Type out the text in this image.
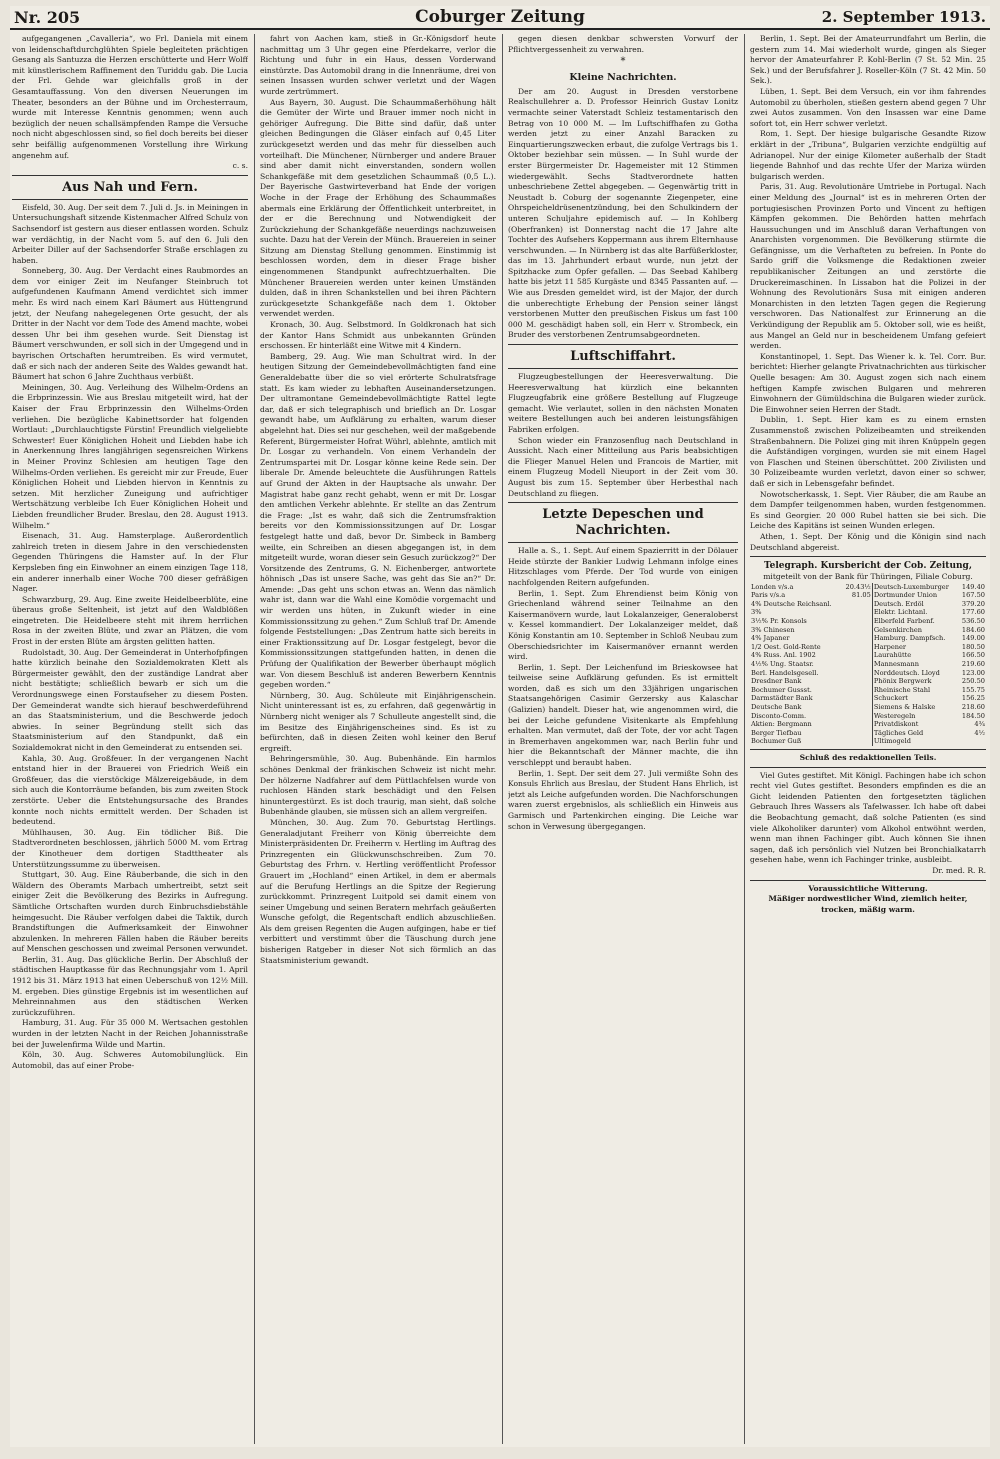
Nr. 205	Coburger Zeitung	2. September 1913.

aufgegangenen „Cavalleria“, wo Frl. Daniela mit einem von leidenschaftdurchglühten Spiele begleiteten prächtigen Gesang als Santuzza die Herzen erschütterte und Herr Wolff mit künstlerischem Raffinement den Turiddu gab. Die Lucia der Frl. Gehde war gleichfalls groß in der Gesamtauffassung. Von den diversen Neuerungen im Theater, besonders an der Bühne und im Orchesterraum, wurde mit Interesse Kenntnis genommen; wenn auch bezüglich der neuen schallsämpfenden Rampe die Versuche noch nicht abgeschlossen sind, so fiel doch bereits bei dieser sehr beifällig aufgenommenen Vorstellung ihre Wirkung angenehm auf.

c. s.

Aus Nah und Fern.

Eisfeld, 30. Aug. Der seit dem 7. Juli d. Js. in Meiningen in Untersuchungshaft sitzende Kistenmacher Alfred Schulz von Sachsendorf ist gestern aus dieser entlassen worden. Schulz war verdächtig, in der Nacht vom 5. auf den 6. Juli den Arbeiter Diller auf der Sachsendorfer Straße erschlagen zu haben.

Sonneberg, 30. Aug. Der Verdacht eines Raubmordes an dem vor einiger Zeit im Neufanger Steinbruch tot aufgefundenen Kaufmann Amend verdichtet sich immer mehr. Es wird nach einem Karl Bäumert aus Hüttengrund jetzt, der Neufang nahegelegenen Orte gesucht, der als Dritter in der Nacht vor dem Tode des Amend machte, wobei dessen Uhr bei ihm gesehen wurde. Seit Dienstag ist Bäumert verschwunden, er soll sich in der Umgegend und in bayrischen Ortschaften herumtreiben. Es wird vermutet, daß er sich nach der anderen Seite des Waldes gewandt hat. Bäumert hat schon 6 Jahre Zuchthaus verbüßt.

Meiningen, 30. Aug. Verleihung des Wilhelm-Ordens an die Erbprinzessin. Wie aus Breslau mitgeteilt wird, hat der Kaiser der Frau Erbprinzessin den Wilhelms-Orden verliehen. Die bezügliche Kabinettsorder hat folgenden Wortlaut: „Durchlauchtigste Fürstin! Freundlich vielgeliebte Schwester! Euer Königlichen Hoheit und Liebden habe ich in Anerkennung Ihres langjährigen segensreichen Wirkens in Meiner Provinz Schlesien am heutigen Tage den Wilhelms-Orden verliehen. Es gereicht mir zur Freude, Euer Königlichen Hoheit und Liebden hiervon in Kenntnis zu setzen. Mit herzlicher Zuneigung und aufrichtiger Wertschätzung verbleibe Ich Euer Königlichen Hoheit und Liebden freundlicher Bruder. Breslau, den 28. August 1913. Wilhelm.“

Eisenach, 31. Aug. Hamsterplage. Außerordentlich zahlreich treten in diesem Jahre in den verschiedensten Gegenden Thüringens die Hamster auf. In der Flur Kerpsleben fing ein Einwohner an einem einzigen Tage 118, ein anderer innerhalb einer Woche 700 dieser gefräßigen Nager.

Schwarzburg, 29. Aug. Eine zweite Heidelbeerblüte, eine überaus große Seltenheit, ist jetzt auf den Waldblößen eingetreten. Die Heidelbeere steht mit ihrem herrlichen Rosa in der zweiten Blüte, und zwar an Plätzen, die vom Frost in der ersten Blüte am ärgsten gelitten hatten.

Rudolstadt, 30. Aug. Der Gemeinderat in Unterhofpfingen hatte kürzlich beinahe den Sozialdemokraten Klett als Bürgermeister gewählt, den der zuständige Landrat aber nicht bestätigte; schließlich bewarb er sich um die Verordnungswege einen Forstaufseher zu diesem Posten. Der Gemeinderat wandte sich hierauf beschwerdeführend an das Staatsministerium, und die Beschwerde jedoch abwies. In seiner Begründung stellt sich das Staatsministerium auf den Standpunkt, daß ein Sozialdemokrat nicht in den Gemeinderat zu entsenden sei.

Kahla, 30. Aug. Großfeuer. In der vergangenen Nacht entstand hier in der Brauerei von Friedrich Weiß ein Großfeuer, das die vierstöckige Mälzereigebäude, in dem sich auch die Kontorräume befanden, bis zum zweiten Stock zerstörte. Ueber die Entstehungsursache des Brandes konnte noch nichts ermittelt werden. Der Schaden ist bedeutend.

Mühlhausen, 30. Aug. Ein tödlicher Biß. Die Stadtverordneten beschlossen, jährlich 5000 M. vom Ertrag der Kinotheuer dem dortigen Stadttheater als Unterstützungssumme zu überweisen.

Stuttgart, 30. Aug. Eine Räuberbande, die sich in den Wäldern des Oberamts Marbach umhertreibt, setzt seit einiger Zeit die Bevölkerung des Bezirks in Aufregung. Sämtliche Ortschaften wurden durch Einbruchsdiebstähle heimgesucht. Die Räuber verfolgen dabei die Taktik, durch Brandstiftungen die Aufmerksamkeit der Einwohner abzulenken. In mehreren Fällen haben die Räuber bereits auf Menschen geschossen und zweimal Personen verwundet.

Berlin, 31. Aug. Das glückliche Berlin. Der Abschluß der städtischen Hauptkasse für das Rechnungsjahr vom 1. April 1912 bis 31. März 1913 hat einen Ueberschuß von 12½ Mill. M. ergeben. Dies günstige Ergebnis ist im wesentlichen auf Mehreinnahmen aus den städtischen Werken zurückzuführen.

Hamburg, 31. Aug. Für 35 000 M. Wertsachen gestohlen wurden in der letzten Nacht in der Reichen Johannisstraße bei der Juwelenfirma Wilde und Martin.

Köln, 30. Aug. Schweres Automobilunglück. Ein Automobil, das auf einer Probe-

fahrt von Aachen kam, stieß in Gr.-Königsdorf heute nachmittag um 3 Uhr gegen eine Pferdekarre, verlor die Richtung und fuhr in ein Haus, dessen Vorderwand einstürzte. Das Automobil drang in die Innenräume, drei von seinen Insassen wurden schwer verletzt und der Wagen wurde zertrümmert.

Aus Bayern, 30. August. Die Schaummaßerhöhung hält die Gemüter der Wirte und Brauer immer noch nicht in gehöriger Aufregung. Die Bitte sind dafür, daß unter gleichen Bedingungen die Gläser einfach auf 0,45 Liter zurückgesetzt werden und das mehr für diesselben auch vorteilhaft. Die Münchener, Nürnberger und andere Brauer sind aber damit nicht einverstanden, sondern wollen Schankgefäße mit dem gesetzlichen Schaummaß (0,5 L.). Der Bayerische Gastwirteverband hat Ende der vorigen Woche in der Frage der Erhöhung des Schaummaßes abermals eine Erklärung der Öffentlichkeit unterbreitet, in der er die Berechnung und Notwendigkeit der Zurückziehung der Schankgefäße neuerdings nachzuweisen suchte. Dazu hat der Verein der Münch. Brauereien in seiner Sitzung am Dienstag Stellung genommen. Einstimmig ist beschlossen worden, dem in dieser Frage bisher eingenommenen Standpunkt aufrechtzuerhalten. Die Münchener Brauereien werden unter keinen Umständen dulden, daß in ihren Schankstellen und bei ihren Pächtern zurückgesetzte Schankgefäße nach dem 1. Oktober verwendet werden.

Kronach, 30. Aug. Selbstmord. In Goldkronach hat sich der Kantor Hans Schmidt aus unbekannten Gründen erschossen. Er hinterläßt eine Witwe mit 4 Kindern.

Bamberg, 29. Aug. Wie man Schultrat wird. In der heutigen Sitzung der Gemeindebevollmächtigten fand eine Generaldebatte über die so viel erörterte Schulratsfrage statt. Es kam wieder zu lebhaften Auseinandersetzungen. Der ultramontane Gemeindebevollmächtigte Rattel legte dar, daß er sich telegraphisch und brieflich an Dr. Losgar gewandt habe, um Aufklärung zu erhalten, warum dieser abgelehnt hat. Dies sei nur geschehen, weil der maßgebende Referent, Bürgermeister Hofrat Wührl, ablehnte, amtlich mit Dr. Losgar zu verhandeln. Von einem Verhandeln der Zentrumspartei mit Dr. Losgar könne keine Rede sein. Der liberale Dr. Amende beleuchtete die Ausführungen Rattels auf Grund der Akten in der Hauptsache als unwahr. Der Magistrat habe ganz recht gehabt, wenn er mit Dr. Losgar den amtlichen Verkehr ablehnte. Er stellte an das Zentrum die Frage: „Ist es wahr, daß sich die Zentrumsfraktion bereits vor den Kommissionssitzungen auf Dr. Losgar festgelegt hatte und daß, bevor Dr. Simbeck in Bamberg weilte, ein Schreiben an diesen abgegangen ist, in dem mitgeteilt wurde, woran dieser sein Gesuch zurückzog?“ Der Vorsitzende des Zentrums, G. N. Eichenberger, antwortete höhnisch „Das ist unsere Sache, was geht das Sie an?“ Dr. Amende: „Das geht uns schon etwas an. Wenn das nämlich wahr ist, dann war die Wahl eine Komödie vorgemacht und wir werden uns hüten, in Zukunft wieder in eine Kommissionssitzung zu gehen.“ Zum Schluß traf Dr. Amende folgende Feststellungen: „Das Zentrum hatte sich bereits in einer Fraktionssitzung auf Dr. Losgar festgelegt, bevor die Kommissionssitzungen stattgefunden hatten, in denen die Prüfung der Qualifikation der Bewerber überhaupt möglich war. Von diesem Beschluß ist anderen Bewerbern Kenntnis gegeben worden.“

Nürnberg, 30. Aug. Schüleute mit Einjährigenschein. Nicht uninteressant ist es, zu erfahren, daß gegenwärtig in Nürnberg nicht weniger als 7 Schulleute angestellt sind, die im Besitze des Einjährigenscheines sind. Es ist zu befürchten, daß in diesen Zeiten wohl keiner den Beruf ergreift.

Behringersmühle, 30. Aug. Bubenhände. Ein harmlos schönes Denkmal der fränkischen Schweiz ist nicht mehr. Der hölzerne Nadfahrer auf dem Püttlachfelsen wurde von ruchlosen Händen stark beschädigt und den Felsen hinuntergestürzt. Es ist doch traurig, man sieht, daß solche Bubenhände glauben, sie müssen sich an allem vergreifen.

München, 30. Aug. Zum 70. Geburtstag Hertlings. Generaladjutant Freiherr von König überreichte dem Ministerpräsidenten Dr. Freiherrn v. Hertling im Auftrag des Prinzregenten ein Glückwunschschreiben. Zum 70. Geburtstag des Frhrn. v. Hertling veröffentlicht Professor Grauert im „Hochland“ einen Artikel, in dem er abermals auf die Berufung Hertlings an die Spitze der Regierung zurückkommt. Prinzregent Luitpold sei damit einem von seiner Umgebung und seinen Beratern mehrfach geäußerten Wunsche gefolgt, die Regentschaft endlich abzuschließen. Als dem greisen Regenten die Augen aufgingen, habe er tief verbittert und verstimmt über die Täuschung durch jene bisherigen Ratgeber in dieser Not sich förmlich an das Staatsministerium gewandt.

gegen diesen denkbar schwersten Vorwurf der Pflichtvergessenheit zu verwahren.

*
Kleine Nachrichten.

Der am 20. August in Dresden verstorbene Realschullehrer a. D. Professor Heinrich Gustav Lonitz vermachte seiner Vaterstadt Schleiz testamentarisch den Betrag von 10 000 M. — Im Luftschiffhafen zu Gotha werden jetzt zu einer Anzahl Baracken zu Einquartierungszwecken erbaut, die zufolge Vertrags bis 1. Oktober beziehbar sein müssen. — In Suhl wurde der erster Bürgermeister Dr. Hagemeister mit 12 Stimmen wiedergewählt. Sechs Stadtverordnete hatten unbeschriebene Zettel abgegeben. — Gegenwärtig tritt in Neustadt b. Coburg der sogenannte Ziegenpeter, eine Ohrspeicheldrüsenentzündung, bei den Schulkindern der unteren Schuljahre epidemisch auf. — In Kohlberg (Oberfranken) ist Donnerstag nacht die 17 Jahre alte Tochter des Aufsehers Koppermann aus ihrem Elternhause verschwunden. — In Nürnberg ist das alte Barfüßerkloster, das im 13. Jahrhundert erbaut wurde, nun jetzt der Spitzhacke zum Opfer gefallen. — Das Seebad Kahlberg hatte bis jetzt 11 585 Kurgäste und 8345 Passanten auf. — Wie aus Dresden gemeldet wird, ist der Major, der durch die unberechtigte Erhebung der Pension seiner längst verstorbenen Mutter den preußischen Fiskus um fast 100 000 M. geschädigt haben soll, ein Herr v. Strombeck, ein Bruder des verstorbenen Zentrumsabgeordneten.

Luftschiffahrt.

Flugzeugbestellungen der Heeresverwaltung. Die Heeresverwaltung hat kürzlich eine bekannten Flugzeugfabrik eine größere Bestellung auf Flugzeuge gemacht. Wie verlautet, sollen in den nächsten Monaten weitere Bestellungen auch bei anderen leistungsfähigen Fabriken erfolgen.

Schon wieder ein Franzosenflug nach Deutschland in Aussicht. Nach einer Mitteilung aus Paris beabsichtigen die Flieger Manuel Helen und Francois de Martier, mit einem Flugzeug Modell Nieuport in der Zeit vom 30. August bis zum 15. September über Herbesthal nach Deutschland zu fliegen.

Letzte Depeschen und Nachrichten.

Halle a. S., 1. Sept. Auf einem Spazierritt in der Dölauer Heide stürzte der Bankier Ludwig Lehmann infolge eines Hitzschlages vom Pferde. Der Tod wurde von einigen nachfolgenden Reitern aufgefunden.

Berlin, 1. Sept. Zum Ehrendienst beim König von Griechenland während seiner Teilnahme an den Kaisermanövern wurde, laut Lokalanzeiger, Generaloberst v. Kessel kommandiert. Der Lokalanzeiger meldet, daß König Konstantin am 10. September in Schloß Neubau zum Oberschiedsrichter im Kaisermanöver ernannt werden wird.

Berlin, 1. Sept. Der Leichenfund im Brieskowsee hat teilweise seine Aufklärung gefunden. Es ist ermittelt worden, daß es sich um den 33jährigen ungarischen Staatsangehörigen Casimir Gerzersky aus Kalaschar (Galizien) handelt. Dieser hat, wie angenommen wird, die bei der Leiche gefundene Visitenkarte als Empfehlung erhalten. Man vermutet, daß der Tote, der vor acht Tagen in Bremerhaven angekommen war, nach Berlin fuhr und hier die Bekanntschaft der Männer machte, die ihn verschleppt und beraubt haben.

Berlin, 1. Sept. Der seit dem 27. Juli vermißte Sohn des Konsuls Ehrlich aus Breslau, der Student Hans Ehrlich, ist jetzt als Leiche aufgefunden worden. Die Nachforschungen waren zuerst ergebnislos, als schließlich ein Hinweis aus Garmisch und Partenkirchen einging. Die Leiche war schon in Verwesung übergegangen.

Berlin, 1. Sept. Bei der Amateurrundfahrt um Berlin, die gestern zum 14. Mai wiederholt wurde, gingen als Sieger hervor der Amateurfahrer P. Kohl-Berlin (7 St. 52 Min. 25 Sek.) und der Berufsfahrer J. Roseller-Köln (7 St. 42 Min. 50 Sek.).

Lüben, 1. Sept. Bei dem Versuch, ein vor ihm fahrendes Automobil zu überholen, stießen gestern abend gegen 7 Uhr zwei Autos zusammen. Von den Insassen war eine Dame sofort tot, ein Herr schwer verletzt.

Rom, 1. Sept. Der hiesige bulgarische Gesandte Rizow erklärt in der „Tribuna“, Bulgarien verzichte endgültig auf Adrianopel. Nur der einige Kilometer außerhalb der Stadt liegende Bahnhof und das rechte Ufer der Mariza würden bulgarisch werden.

Paris, 31. Aug. Revolutionäre Umtriebe in Portugal. Nach einer Meldung des „Journal“ ist es in mehreren Orten der portugiesischen Provinzen Porto und Vincent zu heftigen Kämpfen gekommen. Die Behörden hatten mehrfach Haussuchungen und im Anschluß daran Verhaftungen von Anarchisten vorgenommen. Die Bevölkerung stürmte die Gefängnisse, um die Verhafteten zu befreien. In Ponte do Sardo griff die Volksmenge die Redaktionen zweier republikanischer Zeitungen an und zerstörte die Druckereimaschinen. In Lissabon hat die Polizei in der Wohnung des Revolutionärs Susa mit einigen anderen Monarchisten in den letzten Tagen gegen die Regierung verschworen. Das Nationalfest zur Erinnerung an die Verkündigung der Republik am 5. Oktober soll, wie es heißt, aus Mangel an Geld nur in bescheidenem Umfang gefeiert werden.

Konstantinopel, 1. Sept. Das Wiener k. k. Tel. Corr. Bur. berichtet: Hierher gelangte Privatnachrichten aus türkischer Quelle besagen: Am 30. August zogen sich nach einem heftigen Kampfe zwischen Bulgaren und mehreren Einwohnern der Gümüldschina die Bulgaren wieder zurück. Die Einwohner seien Herren der Stadt.

Dublin, 1. Sept. Hier kam es zu einem ernsten Zusammenstoß zwischen Polizeibeamten und streikenden Straßenbahnern. Die Polizei ging mit ihren Knüppeln gegen die Aufständigen vorgingen, wurden sie mit einem Hagel von Flaschen und Steinen überschüttet. 200 Zivilisten und 30 Polizeibeamte wurden verletzt, davon einer so schwer, daß er sich in Lebensgefahr befindet.

Nowotscherkassk, 1. Sept. Vier Räuber, die am Raube an dem Dampfer teilgenommen haben, wurden festgenommen. Es sind Georgier. 20 000 Rubel hatten sie bei sich. Die Leiche des Kapitäns ist seinen Wunden erlegen.

Athen, 1. Sept. Der König und die Königin sind nach Deutschland abgereist.

Telegraph. Kursbericht der Cob. Zeitung,
mitgeteilt von der Bank für Thüringen, Filiale Coburg.
Londen v/s.a	20.43½	Deutsch-Luxemburger	149.40
Paris v/s.a	81.05	Dortmunder Union	167.50
4% Deutsche Reichsanl.		Deutsch. Erdöl	379.20
3%		Elektr. Lichtanl.	177.60
3½% Pr. Konsols		Elberfeld Farbenf.	536.50
3% Chinesen		Gelsenkirchen	184.60
4% Japaner		Hamburg. Dampfsch.	149.00
1/2 Oest. Gold-Rente		Harpener	180.50
4% Russ. Anl. 1902		Laurahütte	166.50
4½% Ung. Staatsr.		Mannesmann	219.60
Berl. Handelsgesell.		Norddeutsch. Lloyd	123.00
Dresdner Bank		Phönix Bergwerk	250.50
Bochumer Gussst.		Rheinische Stahl	155.75
Darmstädter Bank		Schuckert	156.25
Deutsche Bank		Siemens & Halske	218.60
Disconto-Comm.		Westeregeln	184.50
Aktien: Bergmann		Privatdiskont	4¾
Berger Tiefbau		Tägliches Geld	4½
Bochumer Guß		Ultimogeld	
Schluß des redaktionellen Teils.

Viel Gutes gestiftet. Mit Königl. Fachingen habe ich schon recht viel Gutes gestiftet. Besonders empfinden es die an Gicht leidenden Patienten den fortgesetzten täglichen Gebrauch Ihres Wassers als Tafelwasser. Ich habe oft dabei die Beobachtung gemacht, daß solche Patienten (es sind viele Alkoholiker darunter) vom Alkohol entwöhnt werden, wenn man ihnen Fachinger gibt. Auch können Sie ihnen sagen, daß ich persönlich viel Nutzen bei Bronchialkatarrh gesehen habe, wenn ich Fachinger trinke, ausbleibt.

Dr. med. R. R.

Voraussichtliche Witterung.

Mäßiger nordwestlicher Wind, ziemlich heiter, trocken, mäßig warm.
